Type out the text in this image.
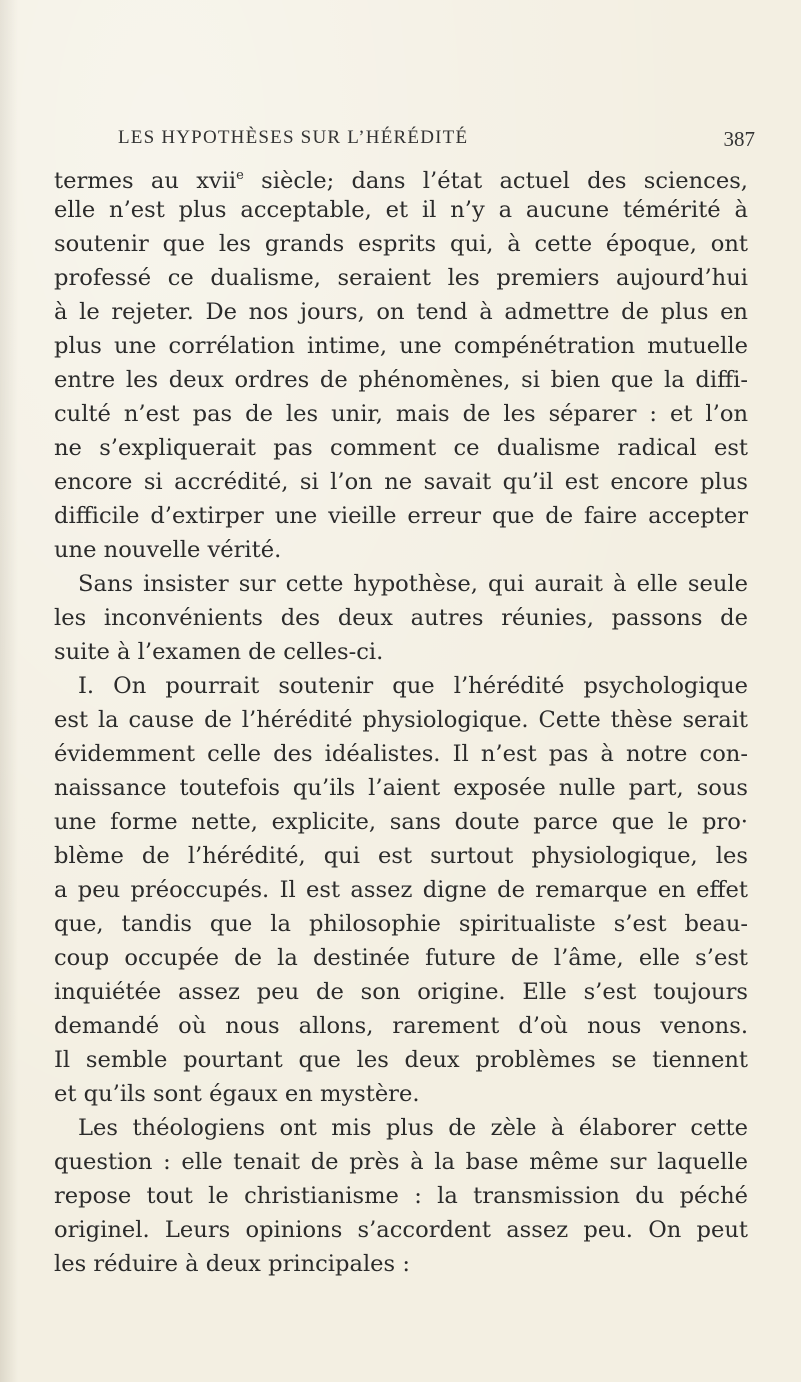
LES HYPOTHÈSES SUR L’HÉRÉDITÉ	387
termes au xvii$^e$ siècle; dans l’état actuel des sciences,
elle n’est plus acceptable, et il n’y a aucune témérité à
soutenir que les grands esprits qui, à cette époque, ont
professé ce dualisme, seraient les premiers aujourd’hui
à le rejeter. De nos jours, on tend à admettre de plus en
plus une corrélation intime, une compénétration mutuelle
entre les deux ordres de phénomènes, si bien que la diffi-
culté n’est pas de les unir, mais de les séparer : et l’on
ne s’expliquerait pas comment ce dualisme radical est
encore si accrédité, si l’on ne savait qu’il est encore plus
difficile d’extirper une vieille erreur que de faire accepter
une nouvelle vérité.
Sans insister sur cette hypothèse, qui aurait à elle seule
les inconvénients des deux autres réunies, passons de
suite à l’examen de celles-ci.
I. On pourrait soutenir que l’hérédité psychologique
est la cause de l’hérédité physiologique. Cette thèse serait
évidemment celle des idéalistes. Il n’est pas à notre con-
naissance toutefois qu’ils l’aient exposée nulle part, sous
une forme nette, explicite, sans doute parce que le pro·
blème de l’hérédité, qui est surtout physiologique, les
a peu préoccupés. Il est assez digne de remarque en effet
que, tandis que la philosophie spiritualiste s’est beau-
coup occupée de la destinée future de l’âme, elle s’est
inquiétée assez peu de son origine. Elle s’est toujours
demandé où nous allons, rarement d’où nous venons.
Il semble pourtant que les deux problèmes se tiennent
et qu’ils sont égaux en mystère.
Les théologiens ont mis plus de zèle à élaborer cette
question : elle tenait de près à la base même sur laquelle
repose tout le christianisme : la transmission du péché
originel. Leurs opinions s’accordent assez peu. On peut
les réduire à deux principales :
